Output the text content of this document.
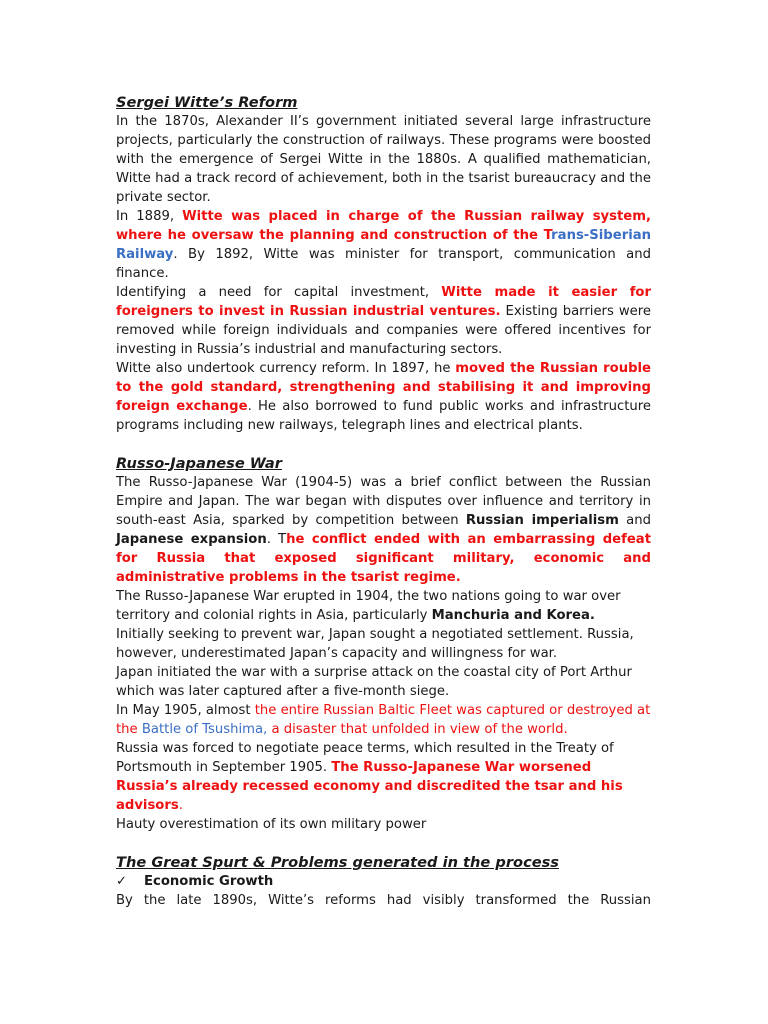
Sergei Witte’s Reform

In the 1870s, Alexander II’s government initiated several large infrastructure projects, particularly the construction of railways. These programs were boosted with the emergence of Sergei Witte in the 1880s. A qualified mathematician, Witte had a track record of achievement, both in the tsarist bureaucracy and the private sector.

In 1889, Witte was placed in charge of the Russian railway system, where he oversaw the planning and construction of the Trans-Siberian Railway. By 1892, Witte was minister for transport, communication and finance.

Identifying a need for capital investment, Witte made it easier for foreigners to invest in Russian industrial ventures. Existing barriers were removed while foreign individuals and companies were offered incentives for investing in Russia’s industrial and manufacturing sectors.

Witte also undertook currency reform. In 1897, he moved the Russian rouble to the gold standard, strengthening and stabilising it and improving foreign exchange. He also borrowed to fund public works and infrastructure programs including new railways, telegraph lines and electrical plants.

Russo-Japanese War

The Russo-Japanese War (1904-5) was a brief conflict between the Russian Empire and Japan. The war began with disputes over influence and territory in south-east Asia, sparked by competition between Russian imperialism and Japanese expansion. The conflict ended with an embarrassing defeat for Russia that exposed significant military, economic and administrative problems in the tsarist regime.

The Russo-Japanese War erupted in 1904, the two nations going to war over territory and colonial rights in Asia, particularly Manchuria and Korea.

Initially seeking to prevent war, Japan sought a negotiated settlement. Russia, however, underestimated Japan’s capacity and willingness for war.

Japan initiated the war with a surprise attack on the coastal city of Port Arthur which was later captured after a five-month siege.

In May 1905, almost the entire Russian Baltic Fleet was captured or destroyed at the Battle of Tsushima, a disaster that unfolded in view of the world.

Russia was forced to negotiate peace terms, which resulted in the Treaty of Portsmouth in September 1905. The Russo-Japanese War worsened Russia’s already recessed economy and discredited the tsar and his advisors.

Hauty overestimation of its own military power

The Great Spurt & Problems generated in the process
✓ Economic Growth

By the late 1890s, Witte’s reforms had visibly transformed the Russian
